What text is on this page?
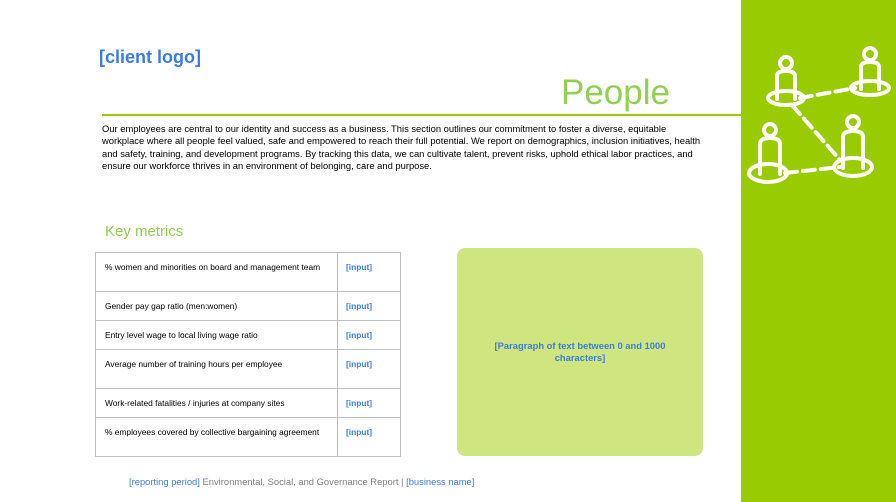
[client logo]
People
Our employees are central to our identity and success as a business. This section outlines our commitment to foster a diverse, equitable workplace where all people feel valued, safe and empowered to reach their full potential. We report on demographics, inclusion initiatives, health and safety, training, and development programs. By tracking this data, we can cultivate talent, prevent risks, uphold ethical labor practices, and ensure our workforce thrives in an environment of belonging, care and purpose.
Key metrics
% women and minorities on board and management team	[input]
Gender pay gap ratio (men:women)	[input]
Entry level wage to local living wage ratio	[input]
Average number of training hours per employee	[input]
Work-related fatalities / injuries at company sites	[input]
% employees covered by collective bargaining agreement	[input]
[Paragraph of text between 0 and 1000 characters]
[reporting period] Environmental, Social, and Governance Report | [business name]
